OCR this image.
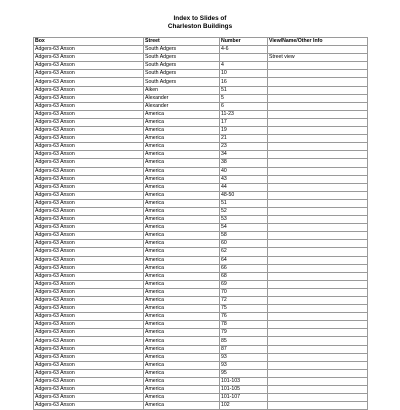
Index to Slides of
Charleston Buildings
Box	Street	Number	View/Name/Other Info
Adgers-63 Anson	South Adgers	4-6	
Adgers-63 Anson	South Adgers		Street view
Adgers-63 Anson	South Adgers	4	
Adgers-63 Anson	South Adgers	10	
Adgers-63 Anson	South Adgers	16	
Adgers-63 Anson	Aiken	51	
Adgers-63 Anson	Alexander	5	
Adgers-63 Anson	Alexander	6	
Adgers-63 Anson	America	11-23	
Adgers-63 Anson	America	17	
Adgers-63 Anson	America	19	
Adgers-63 Anson	America	21	
Adgers-63 Anson	America	23	
Adgers-63 Anson	America	34	
Adgers-63 Anson	America	38	
Adgers-63 Anson	America	40	
Adgers-63 Anson	America	43	
Adgers-63 Anson	America	44	
Adgers-63 Anson	America	48-50	
Adgers-63 Anson	America	51	
Adgers-63 Anson	America	52	
Adgers-63 Anson	America	53	
Adgers-63 Anson	America	54	
Adgers-63 Anson	America	58	
Adgers-63 Anson	America	60	
Adgers-63 Anson	America	62	
Adgers-63 Anson	America	64	
Adgers-63 Anson	America	66	
Adgers-63 Anson	America	68	
Adgers-63 Anson	America	69	
Adgers-63 Anson	America	70	
Adgers-63 Anson	America	72	
Adgers-63 Anson	America	75	
Adgers-63 Anson	America	76	
Adgers-63 Anson	America	78	
Adgers-63 Anson	America	79	
Adgers-63 Anson	America	85	
Adgers-63 Anson	America	87	
Adgers-63 Anson	America	93	
Adgers-63 Anson	America	93	
Adgers-63 Anson	America	95	
Adgers-63 Anson	America	101-103	
Adgers-63 Anson	America	101-105	
Adgers-63 Anson	America	101-107	
Adgers-63 Anson	America	102	
